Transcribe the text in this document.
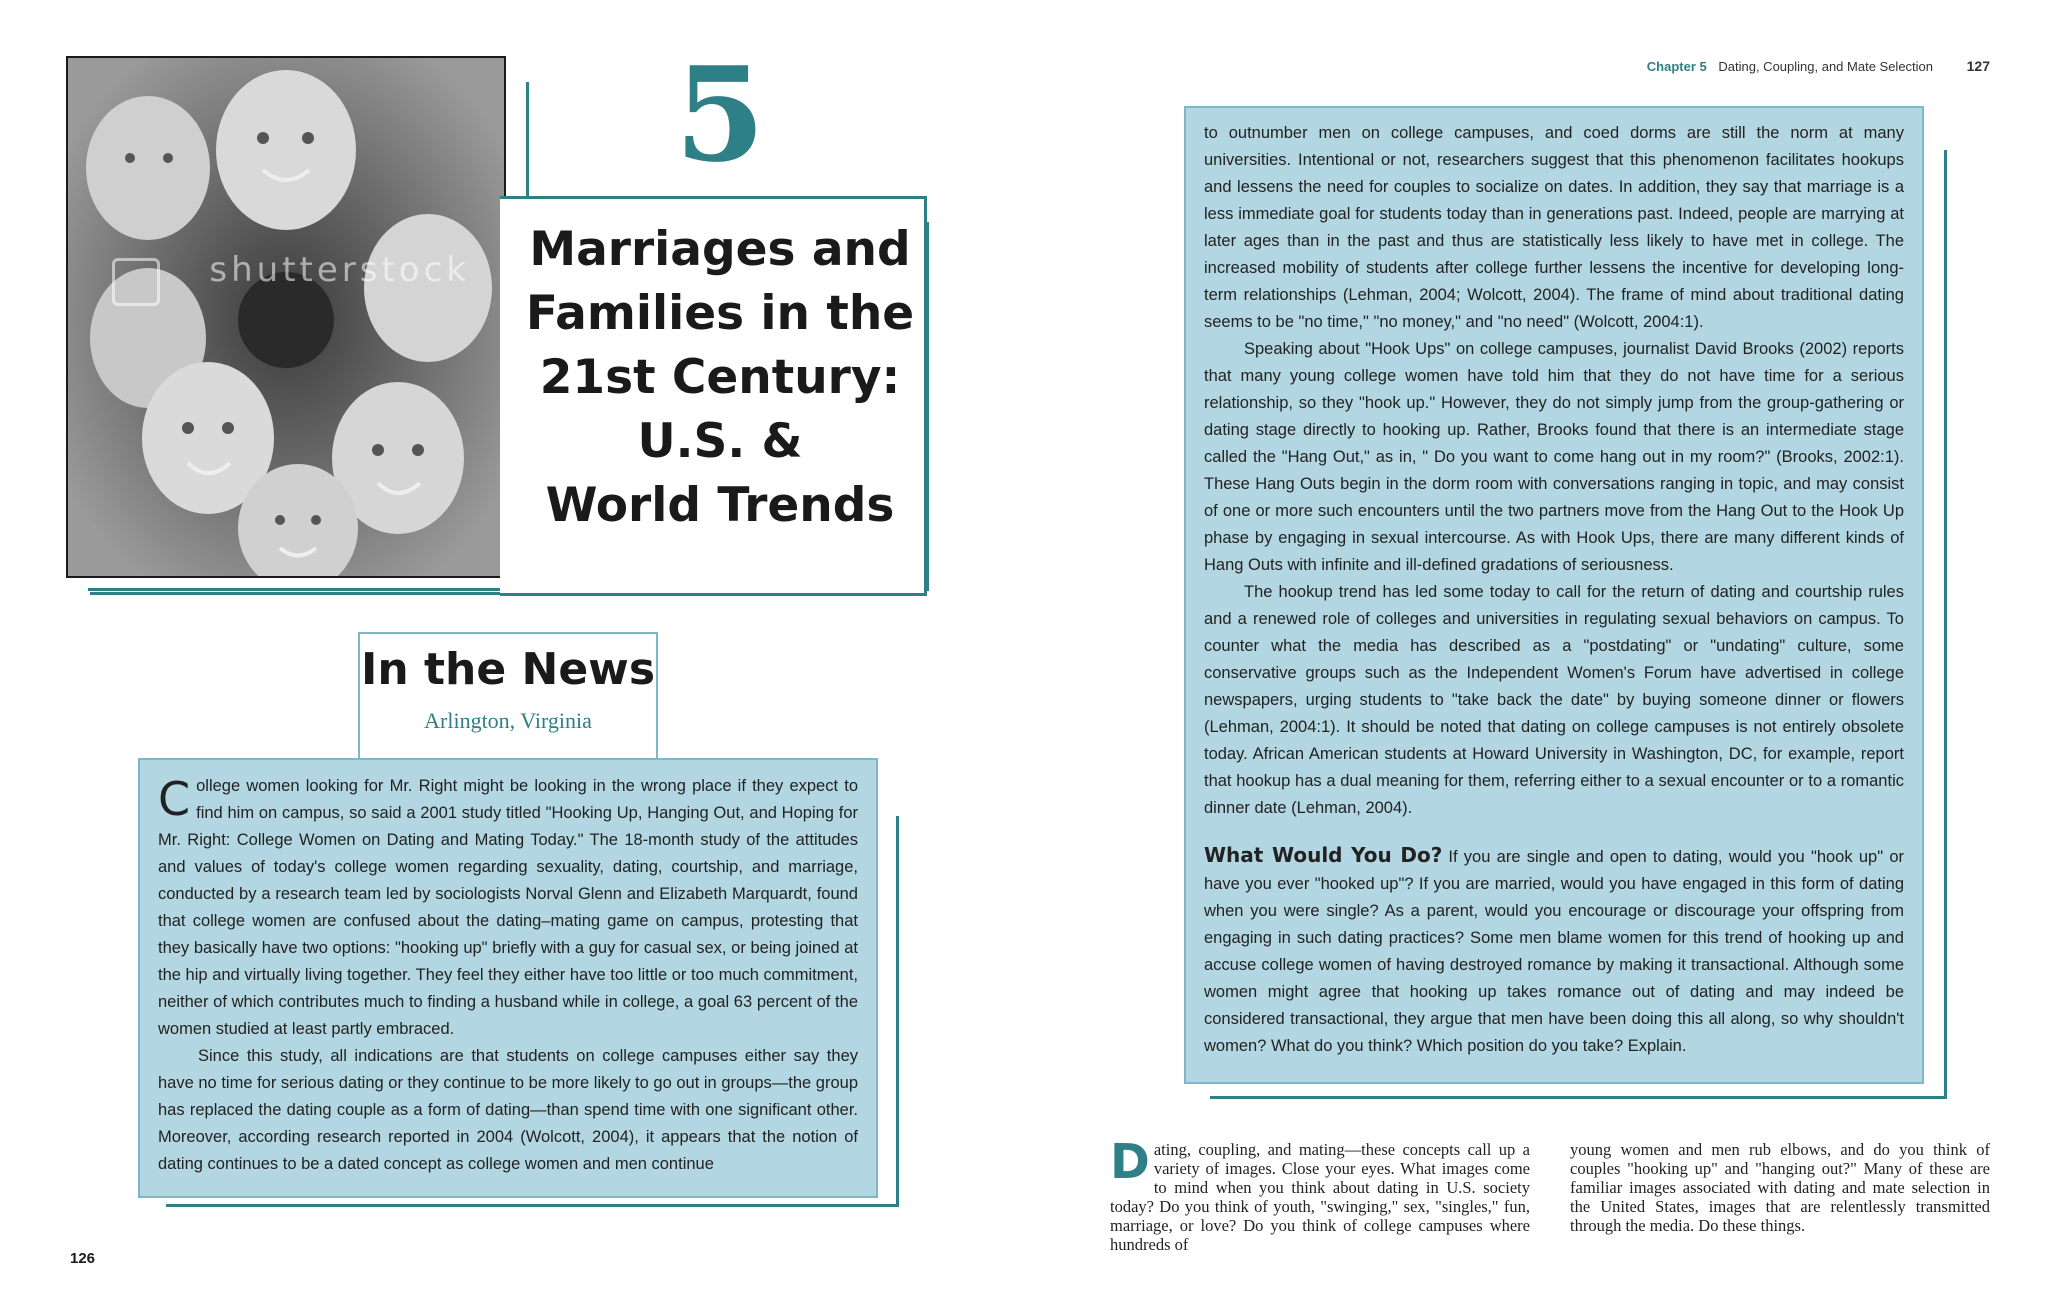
shutterstock
5
Marriages and
Families in the
21st Century:
U.S. &
World Trends
In the News
Arlington, Virginia

College women looking for Mr. Right might be looking in the wrong place if they expect to find him on campus, so said a 2001 study titled "Hooking Up, Hanging Out, and Hoping for Mr. Right: College Women on Dating and Mating Today." The 18-month study of the attitudes and values of today's college women regarding sexuality, dating, courtship, and marriage, conducted by a research team led by sociologists Norval Glenn and Elizabeth Marquardt, found that college women are confused about the dating–mating game on campus, protesting that they basically have two options: "hooking up" briefly with a guy for casual sex, or being joined at the hip and virtually living together. They feel they either have too little or too much commitment, neither of which contributes much to finding a husband while in college, a goal 63 percent of the women studied at least partly embraced.

Since this study, all indications are that students on college campuses either say they have no time for serious dating or they continue to be more likely to go out in groups—the group has replaced the dating couple as a form of dating—than spend time with one significant other. Moreover, according research reported in 2004 (Wolcott, 2004), it appears that the notion of dating continues to be a dated concept as college women and men continue

126
Chapter 5 Dating, Coupling, and Mate Selection 127

to outnumber men on college campuses, and coed dorms are still the norm at many universities. Intentional or not, researchers suggest that this phenomenon facilitates hookups and lessens the need for couples to socialize on dates. In addition, they say that marriage is a less immediate goal for students today than in generations past. Indeed, people are marrying at later ages than in the past and thus are statistically less likely to have met in college. The increased mobility of students after college further lessens the incentive for developing long-term relationships (Lehman, 2004; Wolcott, 2004). The frame of mind about traditional dating seems to be "no time," "no money," and "no need" (Wolcott, 2004:1).

Speaking about "Hook Ups" on college campuses, journalist David Brooks (2002) reports that many young college women have told him that they do not have time for a serious relationship, so they "hook up." However, they do not simply jump from the group-gathering or dating stage directly to hooking up. Rather, Brooks found that there is an intermediate stage called the "Hang Out," as in, " Do you want to come hang out in my room?" (Brooks, 2002:1). These Hang Outs begin in the dorm room with conversations ranging in topic, and may consist of one or more such encounters until the two partners move from the Hang Out to the Hook Up phase by engaging in sexual intercourse. As with Hook Ups, there are many different kinds of Hang Outs with infinite and ill-defined gradations of seriousness.

The hookup trend has led some today to call for the return of dating and courtship rules and a renewed role of colleges and universities in regulating sexual behaviors on campus. To counter what the media has described as a "postdating" or "undating" culture, some conservative groups such as the Independent Women's Forum have advertised in college newspapers, urging students to "take back the date" by buying someone dinner or flowers (Lehman, 2004:1). It should be noted that dating on college campuses is not entirely obsolete today. African American students at Howard University in Washington, DC, for example, report that hookup has a dual meaning for them, referring either to a sexual encounter or to a romantic dinner date (Lehman, 2004).

What Would You Do? If you are single and open to dating, would you "hook up" or have you ever "hooked up"? If you are married, would you have engaged in this form of dating when you were single? As a parent, would you encourage or discourage your offspring from engaging in such dating practices? Some men blame women for this trend of hooking up and accuse college women of having destroyed romance by making it transactional. Although some women might agree that hooking up takes romance out of dating and may indeed be considered transactional, they argue that men have been doing this all along, so why shouldn't women? What do you think? Which position do you take? Explain.

Dating, coupling, and mating—these concepts call up a variety of images. Close your eyes. What images come to mind when you think about dating in U.S. society today? Do you think of youth, "swinging," sex, "singles," fun, marriage, or love? Do you think of college campuses where hundreds of
young women and men rub elbows, and do you think of couples "hooking up" and "hanging out?" Many of these are familiar images associated with dating and mate selection in the United States, images that are relentlessly transmitted through the media. Do these things.
